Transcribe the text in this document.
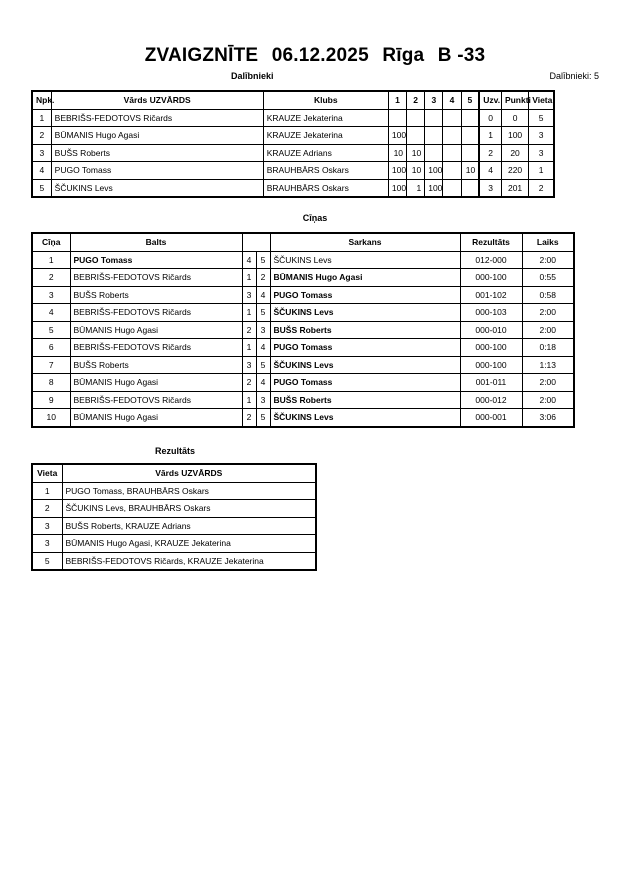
ZVAIGZNĪTE 06.12.2025 Rīga B -33
Dalībnieki	Dalībnieki: 5
Npk.	Vārds UZVĀRDS	Klubs	1	2	3	4	5	Uzv.	Punkti	Vieta
1	BEBRIŠS-FEDOTOVS Ričards	KRAUZE Jekaterina						0	0	5
2	BŪMANIS Hugo Agasi	KRAUZE Jekaterina	100					1	100	3
3	BUŠS Roberts	KRAUZE Adrians	10	10				2	20	3
4	PUGO Tomass	BRAUHBĀRS Oskars	100	10	100		10	4	220	1
5	ŠČUKINS Levs	BRAUHBĀRS Oskars	100	1	100			3	201	2
Cīņas
Cīņa	Balts			Sarkans	Rezultāts	Laiks
1	PUGO Tomass	4	5	ŠČUKINS Levs	012-000	2:00
2	BEBRIŠS-FEDOTOVS Ričards	1	2	BŪMANIS Hugo Agasi	000-100	0:55
3	BUŠS Roberts	3	4	PUGO Tomass	001-102	0:58
4	BEBRIŠS-FEDOTOVS Ričards	1	5	ŠČUKINS Levs	000-103	2:00
5	BŪMANIS Hugo Agasi	2	3	BUŠS Roberts	000-010	2:00
6	BEBRIŠS-FEDOTOVS Ričards	1	4	PUGO Tomass	000-100	0:18
7	BUŠS Roberts	3	5	ŠČUKINS Levs	000-100	1:13
8	BŪMANIS Hugo Agasi	2	4	PUGO Tomass	001-011	2:00
9	BEBRIŠS-FEDOTOVS Ričards	1	3	BUŠS Roberts	000-012	2:00
10	BŪMANIS Hugo Agasi	2	5	ŠČUKINS Levs	000-001	3:06
Rezultāts
Vieta	Vārds UZVĀRDS
1	PUGO Tomass, BRAUHBĀRS Oskars
2	ŠČUKINS Levs, BRAUHBĀRS Oskars
3	BUŠS Roberts, KRAUZE Adrians
3	BŪMANIS Hugo Agasi, KRAUZE Jekaterina
5	BEBRIŠS-FEDOTOVS Ričards, KRAUZE Jekaterina
